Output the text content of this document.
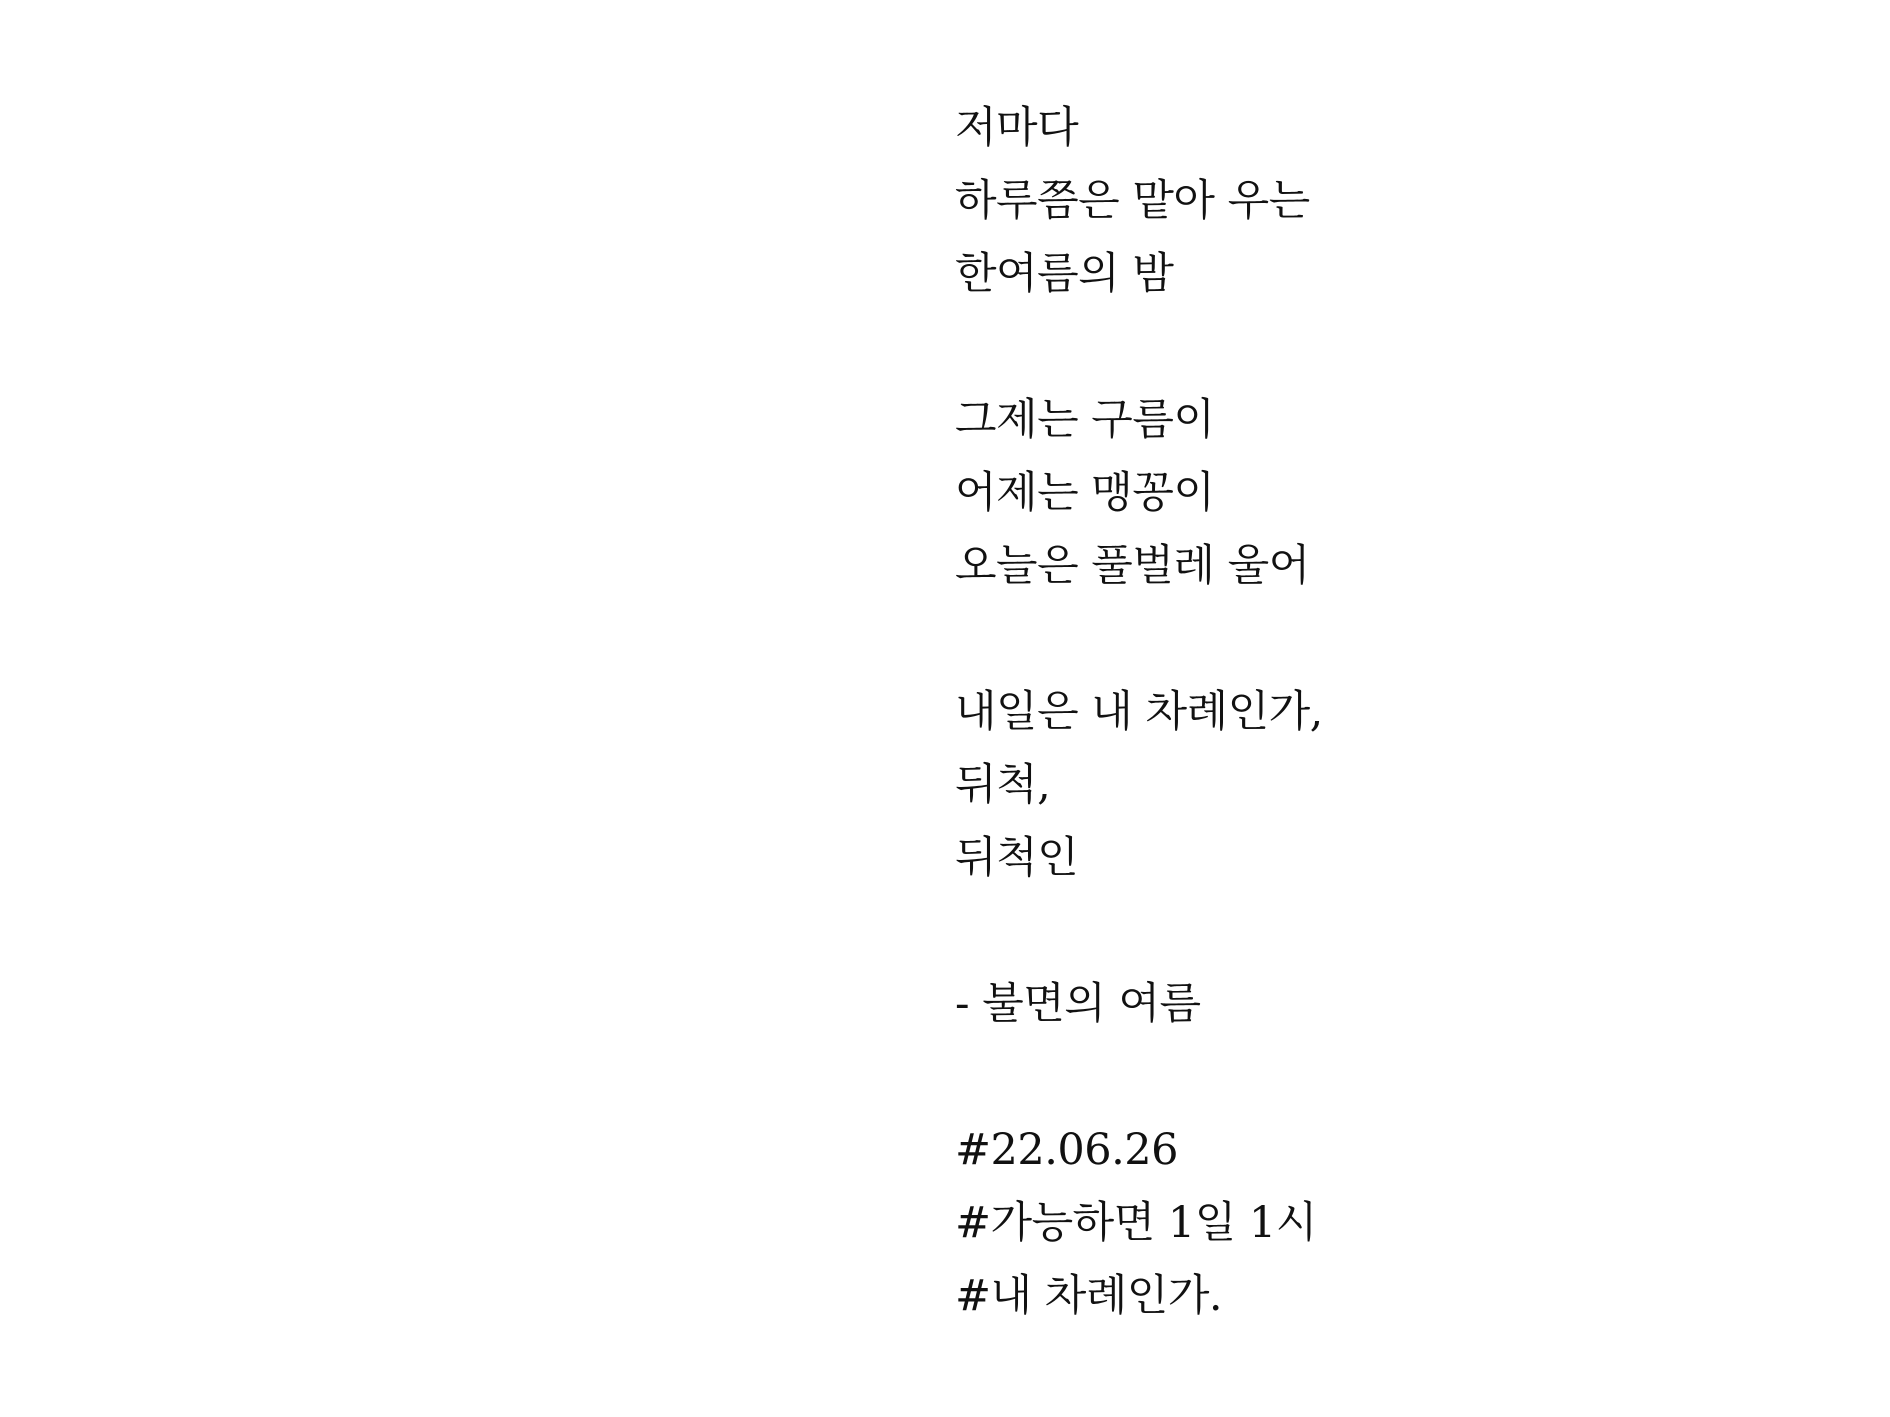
저마다
하루쯤은 맡아 우는
한여름의 밤
그제는 구름이
어제는 맹꽁이
오늘은 풀벌레 울어
내일은 내 차례인가,
뒤척,
뒤척인
- 불면의 여름
#22.06.26
#가능하면 1일 1시
#내 차례인가.
